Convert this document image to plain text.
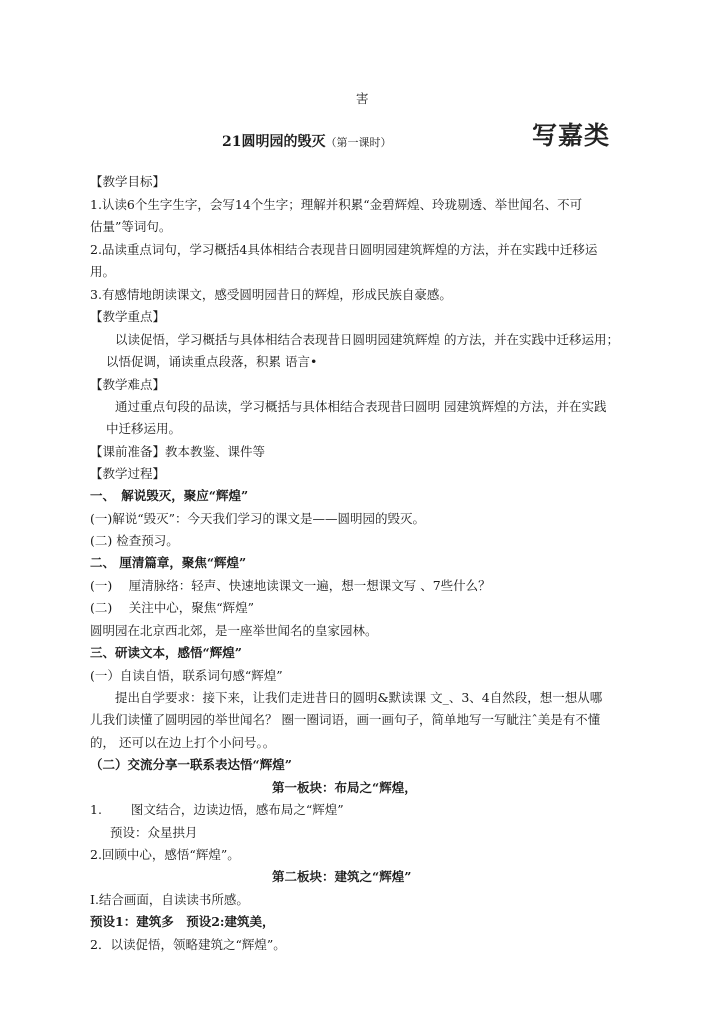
害
21圆明园的毁灭（第一课时）	写嘉类
【教学目标】
1.认读6个生字生字，会写14个生字；理解并积累“金碧辉煌、玲珑剔透、举世闻名、不可
估量”等词句。
2.品读重点词句，学习概括4具体相结合表现昔日圆明园建筑辉煌的方法，并在实践中迁移运
用。
3.有感情地朗读课文，感受圆明园昔日的辉煌，形成民族自豪感。
【教学重点】
以读促悟，学习概括与具体相结合表现昔日圆明园建筑辉煌 的方法，并在实践中迁移运用；
以悟促调，诵读重点段落，积累 语言•
【教学难点】
通过重点句段的品读，学习概括与具体相结合表现昔曰圆明 园建筑辉煌的方法，并在实践
中迁移运用。
【课前准备】教本教鉴、课件等
【教学过程】
一、　解说毁灭，聚应“辉煌”
(一)解说“毁灭”：今天我们学习的课文是——圆明园的毁灭。
(二) 检查预习。
二、 厘清篇章，聚焦“辉煌”
(一)　 厘清脉络：轻声、快速地读课文一遍，想一想课文写 、7些什么？
(二)　 关注中心，聚焦“辉煌”
圆明园在北京西北郊，是一座举世闻名的皇家园林。
三、研读文本，感悟“辉煌”
(一）自读自悟，联系词句感“辉煌”
提出自学要求：接下来，让我们走进昔日的圆明&默读课 文_、3、4自然段，想一想从哪
儿我们读懂了圆明园的举世闻名？ 圈一圈词语，画一画句子，简单地写一写眦注ˆ美是有不懂
的， 还可以在边上打个小问号。。
（二）交流分享一联系表达悟“辉煌”
第一板块：布局之“辉煌，
1.　　 图文结合，边读边悟，感布局之“辉煌”
预设：众星拱月
2.回顾中心，感悟“辉煌”。
第二板块：建筑之“辉煌”
I.结合画面，自读读书所感。
预设1：建筑多　预设2:建筑美，
2．以读促悟，领略建筑之“辉煌”。
